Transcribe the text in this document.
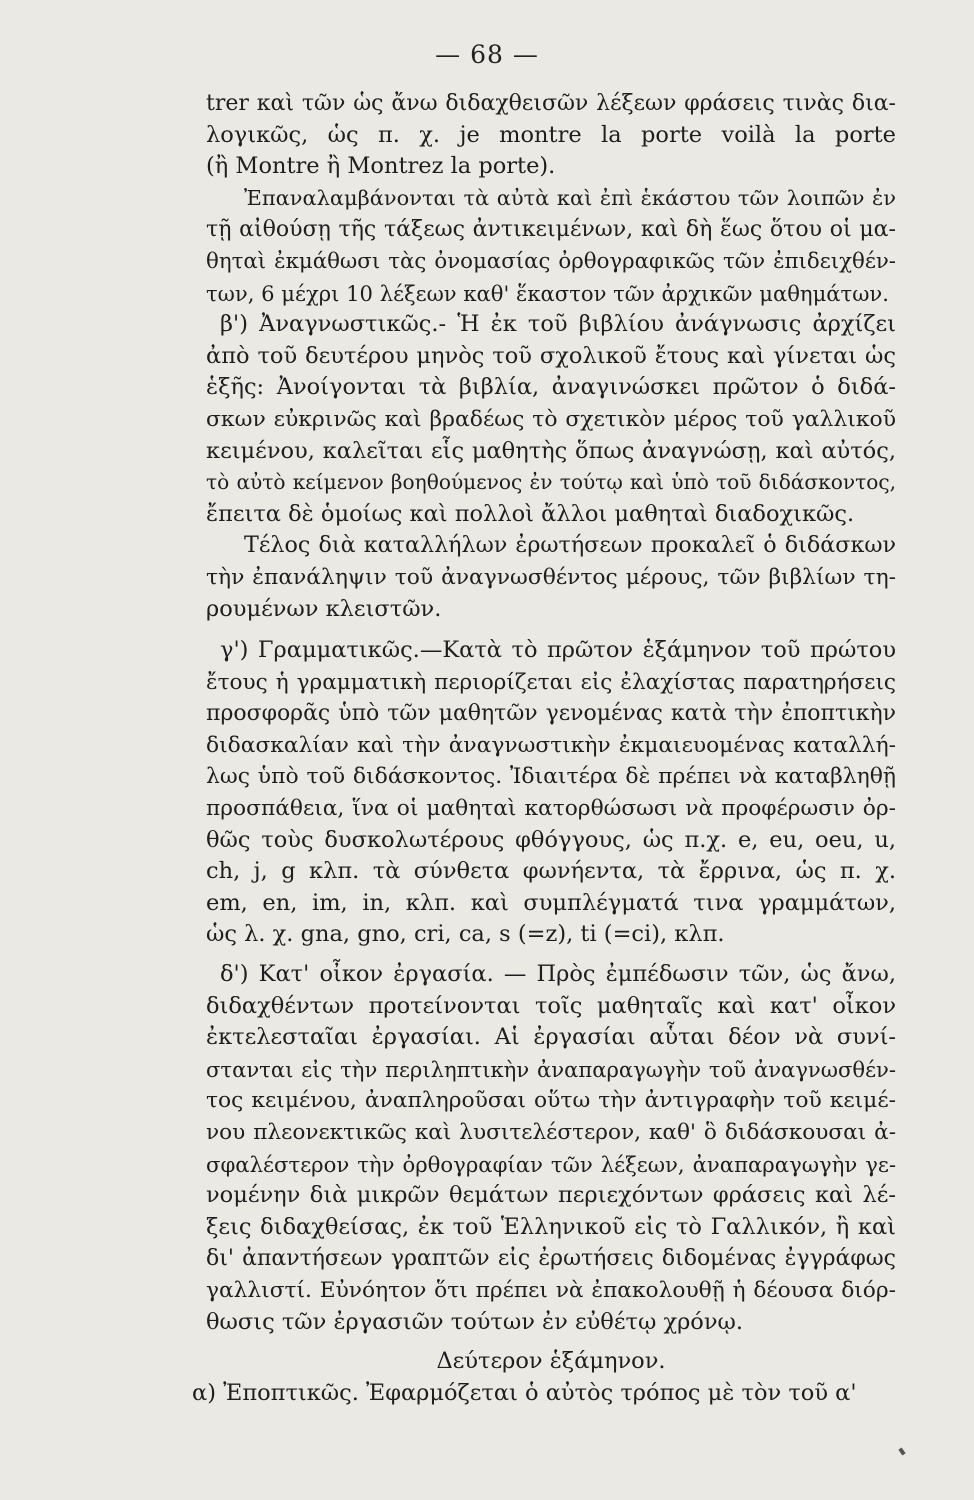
— 68 —
trer καὶ τῶν ὡς ἄνω διδαχθεισῶν λέξεων φράσεις τινὰς δια-
λογικῶς, ὡς π. χ. je montre la porte voilà la porte
(ἢ Montre ἢ Montrez la porte).
Ἐπαναλαμβάνονται τὰ αὐτὰ καὶ ἐπὶ ἑκάστου τῶν λοιπῶν ἐν
τῇ αἰθούσῃ τῆς τάξεως ἀντικειμένων, καὶ δὴ ἕως ὅτου οἱ μα-
θηταὶ ἐκμάθωσι τὰς ὀνομασίας ὀρθογραφικῶς τῶν ἐπιδειχθέν-
των, 6 μέχρι 10 λέξεων καθ' ἕκαστον τῶν ἀρχικῶν μαθημάτων.
β') Ἀναγνωστικῶς.- Ἡ ἐκ τοῦ βιβλίου ἀνάγνωσις ἀρχίζει
ἀπὸ τοῦ δευτέρου μηνὸς τοῦ σχολικοῦ ἔτους καὶ γίνεται ὡς
ἑξῆς: Ἀνοίγονται τὰ βιβλία, ἀναγινώσκει πρῶτον ὁ διδά-
σκων εὐκρινῶς καὶ βραδέως τὸ σχετικὸν μέρος τοῦ γαλλικοῦ
κειμένου, καλεῖται εἷς μαθητὴς ὅπως ἀναγνώσῃ, καὶ αὐτός,
τὸ αὐτὸ κείμενον βοηθούμενος ἐν τούτῳ καὶ ὑπὸ τοῦ διδάσκοντος,
ἔπειτα δὲ ὁμοίως καὶ πολλοὶ ἄλλοι μαθηταὶ διαδοχικῶς.
Τέλος διὰ καταλλήλων ἐρωτήσεων προκαλεῖ ὁ διδάσκων
τὴν ἐπανάληψιν τοῦ ἀναγνωσθέντος μέρους, τῶν βιβλίων τη-
ρουμένων κλειστῶν.
γ') Γραμματικῶς.—Κατὰ τὸ πρῶτον ἑξάμηνον τοῦ πρώτου
ἔτους ἡ γραμματικὴ περιορίζεται εἰς ἐλαχίστας παρατηρήσεις
προσφορᾶς ὑπὸ τῶν μαθητῶν γενομένας κατὰ τὴν ἐποπτικὴν
διδασκαλίαν καὶ τὴν ἀναγνωστικὴν ἐκμαιευομένας καταλλή-
λως ὑπὸ τοῦ διδάσκοντος. Ἰδιαιτέρα δὲ πρέπει νὰ καταβληθῇ
προσπάθεια, ἵνα οἱ μαθηταὶ κατορθώσωσι νὰ προφέρωσιν ὀρ-
θῶς τοὺς δυσκολωτέρους φθόγγους, ὡς π.χ. e, eu, oeu, u,
ch, j, g κλπ. τὰ σύνθετα φωνήεντα, τὰ ἔρρινα, ὡς π. χ.
em, en, im, in, κλπ. καὶ συμπλέγματά τινα γραμμάτων,
ὡς λ. χ. gna, gno, cri, ca, s (=z), ti (=ci), κλπ.
δ') Κατ' οἶκον ἐργασία. — Πρὸς ἐμπέδωσιν τῶν, ὡς ἄνω,
διδαχθέντων προτείνονται τοῖς μαθηταῖς καὶ κατ' οἶκον
ἐκτελεσταῖαι ἐργασίαι. Αἱ ἐργασίαι αὗται δέον νὰ συνί-
στανται εἰς τὴν περιληπτικὴν ἀναπαραγωγὴν τοῦ ἀναγνωσθέν-
τος κειμένου, ἀναπληροῦσαι οὕτω τὴν ἀντιγραφὴν τοῦ κειμέ-
νου πλεονεκτικῶς καὶ λυσιτελέστερον, καθ' ὃ διδάσκουσαι ἀ-
σφαλέστερον τὴν ὀρθογραφίαν τῶν λέξεων, ἀναπαραγωγὴν γε-
νομένην διὰ μικρῶν θεμάτων περιεχόντων φράσεις καὶ λέ-
ξεις διδαχθείσας, ἐκ τοῦ Ἑλληνικοῦ εἰς τὸ Γαλλικόν, ἢ καὶ
δι' ἀπαντήσεων γραπτῶν εἰς ἐρωτήσεις διδομένας ἐγγράφως
γαλλιστί. Εὐνόητον ὅτι πρέπει νὰ ἐπακολουθῇ ἡ δέουσα διόρ-
θωσις τῶν ἐργασιῶν τούτων ἐν εὐθέτῳ χρόνῳ.
Δεύτερον ἑξάμηνον.
α) Ἐποπτικῶς. Ἐφαρμόζεται ὁ αὐτὸς τρόπος μὲ τὸν τοῦ α'
